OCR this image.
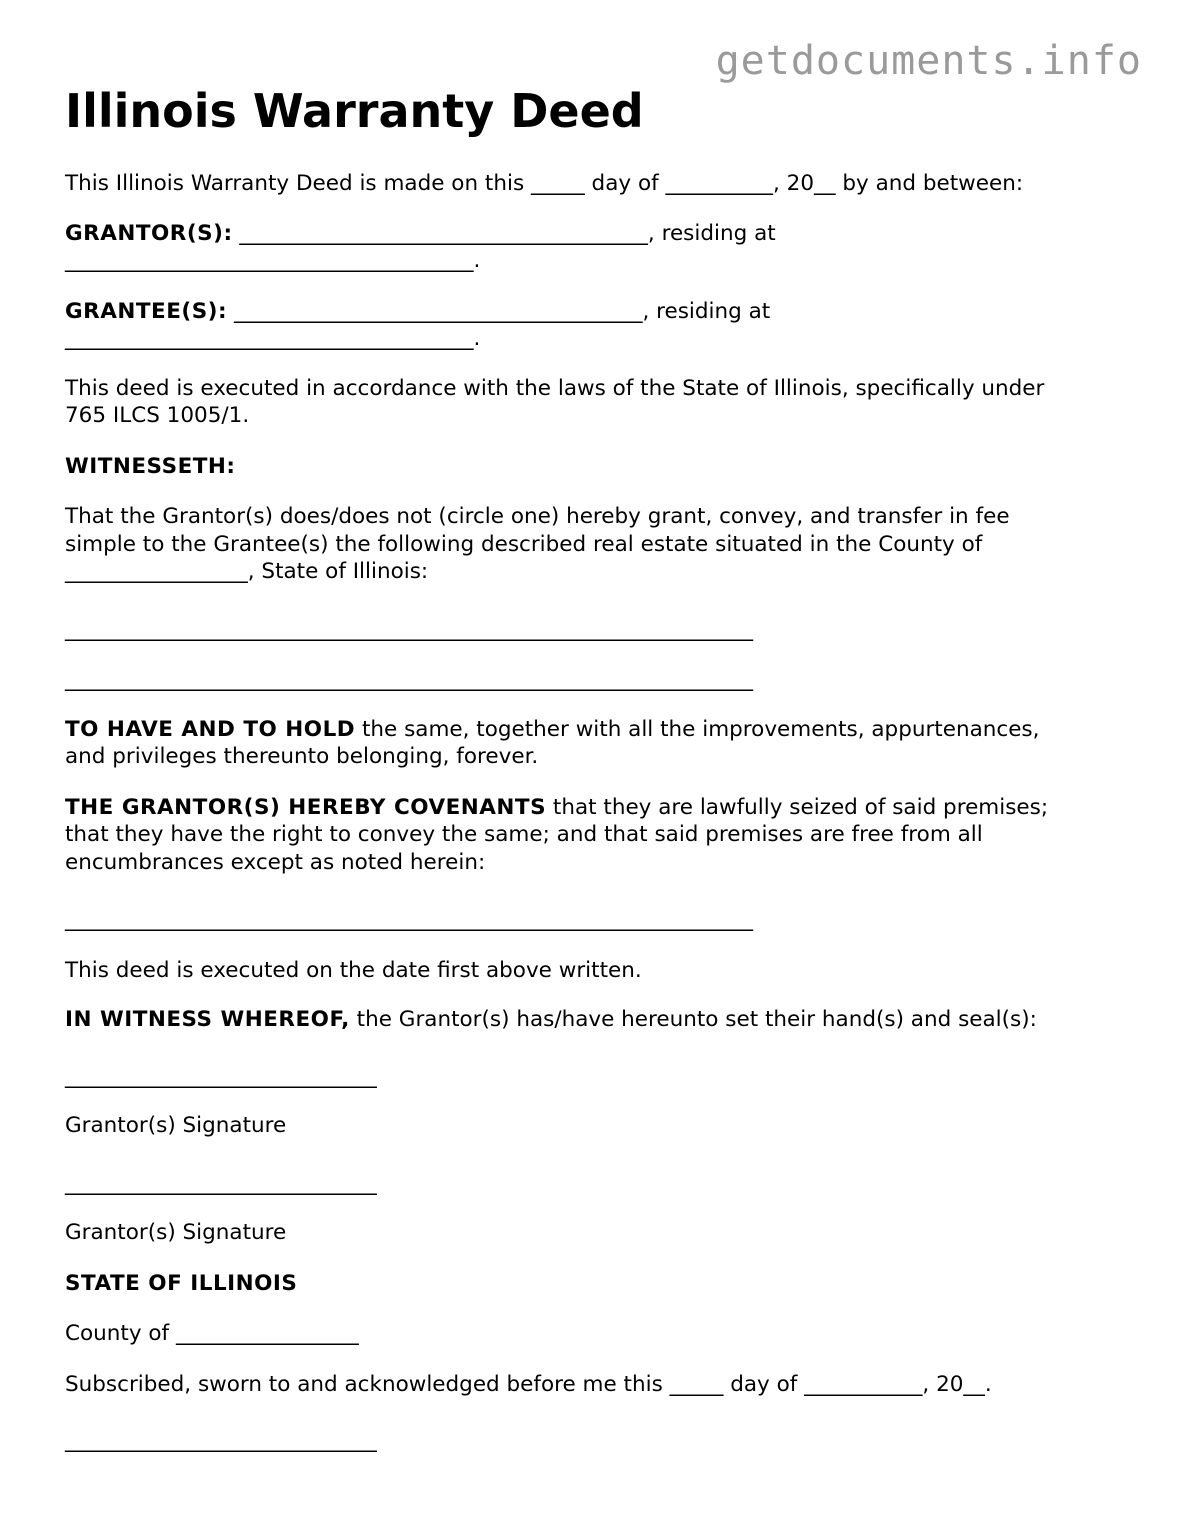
getdocuments.info
Illinois Warranty Deed

This Illinois Warranty Deed is made on this _____ day of __________, 20__ by and between:

GRANTOR(S): ______________________________________, residing at
______________________________________.

GRANTEE(S): ______________________________________, residing at
______________________________________.

This deed is executed in accordance with the laws of the State of Illinois, specifically under
765 ILCS 1005/1.

WITNESSETH:

That the Grantor(s) does/does not (circle one) hereby grant, convey, and transfer in fee
simple to the Grantee(s) the following described real estate situated in the County of
_________________, State of Illinois:

________________________________________________________________

________________________________________________________________

TO HAVE AND TO HOLD the same, together with all the improvements, appurtenances,
and privileges thereunto belonging, forever.

THE GRANTOR(S) HEREBY COVENANTS that they are lawfully seized of said premises;
that they have the right to convey the same; and that said premises are free from all
encumbrances except as noted herein:

________________________________________________________________

This deed is executed on the date first above written.

IN WITNESS WHEREOF, the Grantor(s) has/have hereunto set their hand(s) and seal(s):

_____________________________

Grantor(s) Signature

_____________________________

Grantor(s) Signature

STATE OF ILLINOIS

County of _________________

Subscribed, sworn to and acknowledged before me this _____ day of ___________, 20__.

_____________________________
